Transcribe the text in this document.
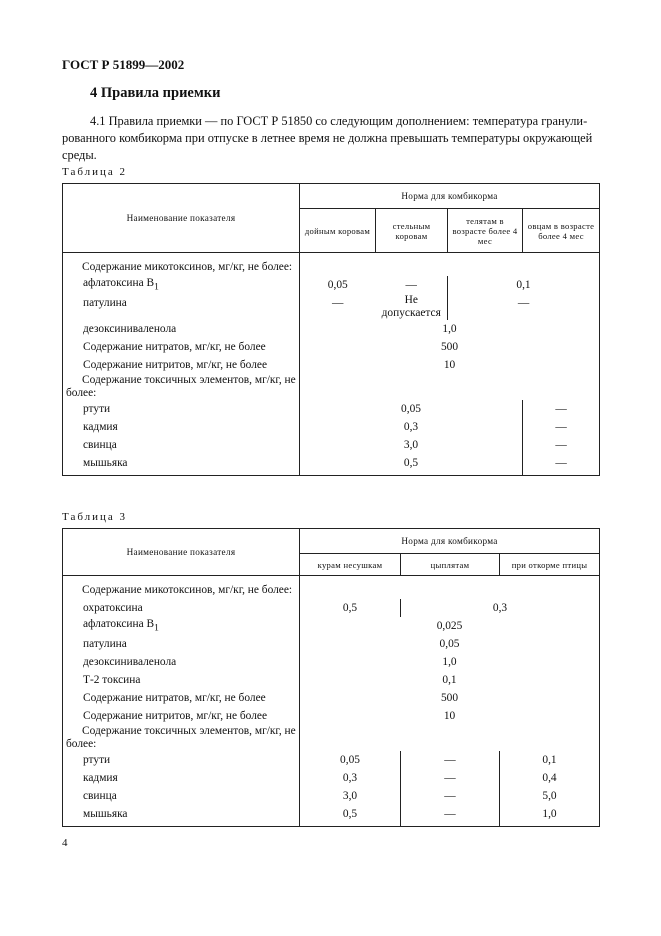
ГОСТ Р 51899—2002
4 Правила приемки
4.1 Правила приемки — по ГОСТ Р 51850 со следующим дополнением: температура гранули-
рованного комбикорма при отпуске в летнее время не должна превышать температуры окружающей
среды.
Таблица 2
Наименование показателя	Норма для комбикорма			
	дойным коровам	стельным коровам	телятам в возрасте более 4 мес	овцам в возрасте более 4 мес
Содержание микотоксинов, мг/кг, не более:				
афлатоксина $В_1$	0,05	—	0,1	
патулина	—	Не допускается	—	
дезоксиниваленола	1,0			
Содержание нитратов, мг/кг, не более	500			
Содержание нитритов, мг/кг, не более	10			
Содержание токсичных элементов, мг/кг, не более:				
ртути	0,05			—
кадмия	0,3			—
свинца	3,0			—
мышьяка	0,5			—
Таблица 3
Наименование показателя	Норма для комбикорма		
	курам несушкам	цыплятам	при откорме птицы
Содержание микотоксинов, мг/кг, не более:			
охратоксина	0,5	0,3	
афлатоксина $В_1$	0,025		
патулина	0,05		
дезоксиниваленола	1,0		
Т-2 токсина	0,1		
Содержание нитратов, мг/кг, не более	500		
Содержание нитритов, мг/кг, не более	10		
Содержание токсичных элементов, мг/кг, не более:			
ртути	0,05	—	0,1
кадмия	0,3	—	0,4
свинца	3,0	—	5,0
мышьяка	0,5	—	1,0
4
